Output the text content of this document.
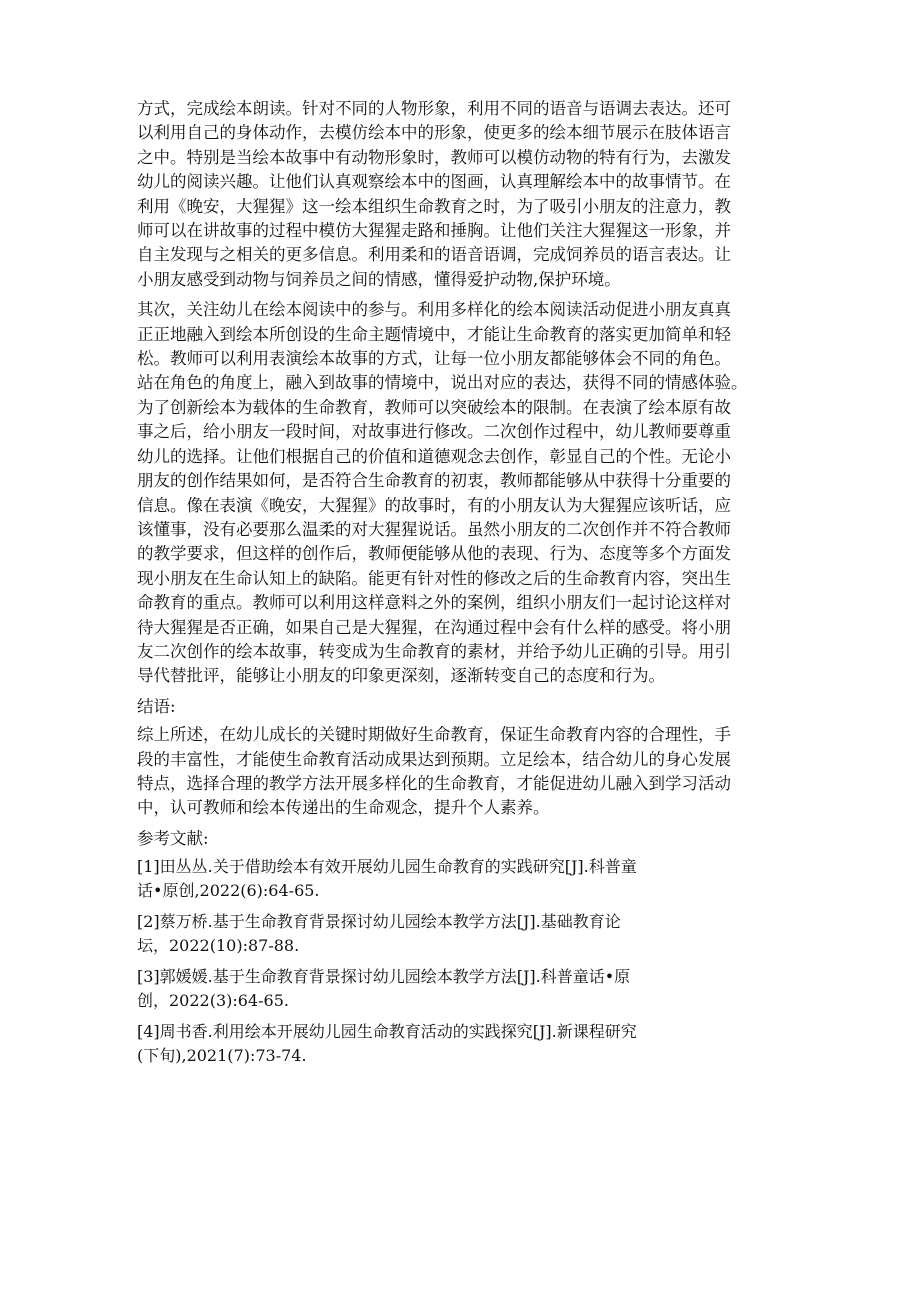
方式，完成绘本朗读。针对不同的人物形象，利用不同的语音与语调去表达。还可
以利用自己的身体动作，去模仿绘本中的形象，使更多的绘本细节展示在肢体语言
之中。特别是当绘本故事中有动物形象时，教师可以模仿动物的特有行为，去激发
幼儿的阅读兴趣。让他们认真观察绘本中的图画，认真理解绘本中的故事情节。在
利用《晚安，大猩猩》这一绘本组织生命教育之时，为了吸引小朋友的注意力，教
师可以在讲故事的过程中模仿大猩猩走路和捶胸。让他们关注大猩猩这一形象，并
自主发现与之相关的更多信息。利用柔和的语音语调，完成饲养员的语言表达。让
小朋友感受到动物与饲养员之间的情感，懂得爱护动物,保护环境。

其次，关注幼儿在绘本阅读中的参与。利用多样化的绘本阅读活动促进小朋友真真
正正地融入到绘本所创设的生命主题情境中，才能让生命教育的落实更加简单和轻
松。教师可以利用表演绘本故事的方式，让每一位小朋友都能够体会不同的角色。
站在角色的角度上，融入到故事的情境中，说出对应的表达，获得不同的情感体验。
为了创新绘本为载体的生命教育，教师可以突破绘本的限制。在表演了绘本原有故
事之后，给小朋友一段时间，对故事进行修改。二次创作过程中，幼儿教师要尊重
幼儿的选择。让他们根据自己的价值和道德观念去创作，彰显自己的个性。无论小
朋友的创作结果如何，是否符合生命教育的初衷，教师都能够从中获得十分重要的
信息。像在表演《晚安，大猩猩》的故事时，有的小朋友认为大猩猩应该听话，应
该懂事，没有必要那么温柔的对大猩猩说话。虽然小朋友的二次创作并不符合教师
的教学要求，但这样的创作后，教师便能够从他的表现、行为、态度等多个方面发
现小朋友在生命认知上的缺陷。能更有针对性的修改之后的生命教育内容，突出生
命教育的重点。教师可以利用这样意料之外的案例，组织小朋友们一起讨论这样对
待大猩猩是否正确，如果自己是大猩猩，在沟通过程中会有什么样的感受。将小朋
友二次创作的绘本故事，转变成为生命教育的素材，并给予幼儿正确的引导。用引
导代替批评，能够让小朋友的印象更深刻，逐渐转变自己的态度和行为。

结语:

综上所述，在幼儿成长的关键时期做好生命教育，保证生命教育内容的合理性，手
段的丰富性，才能使生命教育活动成果达到预期。立足绘本，结合幼儿的身心发展
特点，选择合理的教学方法开展多样化的生命教育，才能促进幼儿融入到学习活动
中，认可教师和绘本传递出的生命观念，提升个人素养。

参考文献:

[1]田丛丛.关于借助绘本有效开展幼儿园生命教育的实践研究[J].科普童
话•原创,2022(6):64-65.

[2]蔡万桥.基于生命教育背景探讨幼儿园绘本教学方法[J].基础教育论
坛，2022(10):87-88.

[3]郭媛媛.基于生命教育背景探讨幼儿园绘本教学方法[J].科普童话•原
创，2022(3):64-65.

[4]周书香.利用绘本开展幼儿园生命教育活动的实践探究[J].新课程研究
(下旬),2021(7):73-74.
